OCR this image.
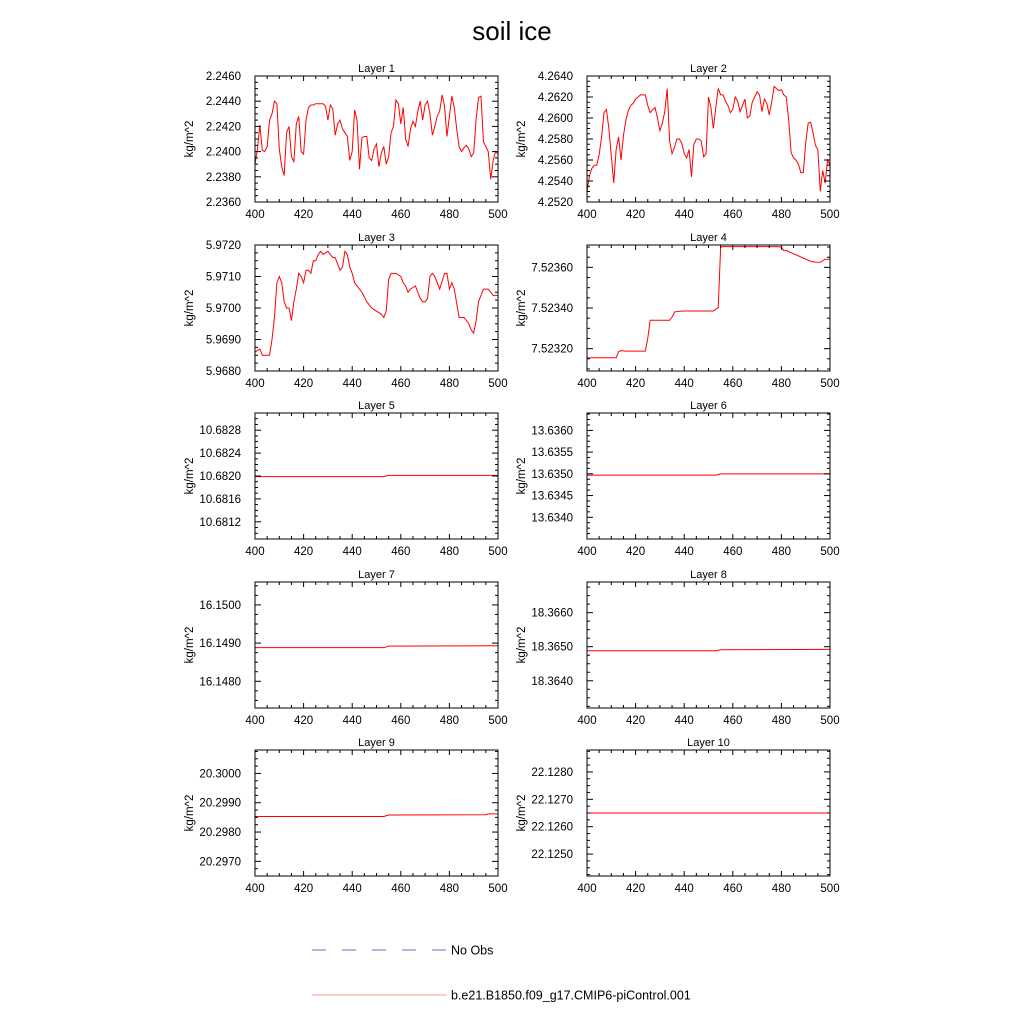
soil ice
Layer 1
kg/m^2
400	420	440	460	480	500
2.2360
2.2380
2.2400
2.2420
2.2440
2.2460
Layer 2
kg/m^2
400	420	440	460	480	500
4.2520
4.2540
4.2560
4.2580
4.2600
4.2620
4.2640
Layer 3
kg/m^2
400	420	440	460	480	500
5.9680
5.9690
5.9700
5.9710
5.9720
Layer 4
kg/m^2
400	420	440	460	480	500
7.52320
7.52340
7.52360
Layer 5
kg/m^2
400	420	440	460	480	500
10.6812
10.6816
10.6820
10.6824
10.6828
Layer 6
kg/m^2
400	420	440	460	480	500
13.6340
13.6345
13.6350
13.6355
13.6360
Layer 7
kg/m^2
400	420	440	460	480	500
16.1480
16.1490
16.1500
Layer 8
kg/m^2
400	420	440	460	480	500
18.3640
18.3650
18.3660
Layer 9
kg/m^2
400	420	440	460	480	500
20.2970
20.2980
20.2990
20.3000
Layer 10
kg/m^2
400	420	440	460	480	500
22.1250
22.1260
22.1270
22.1280
No Obs
b.e21.B1850.f09_g17.CMIP6-piControl.001
